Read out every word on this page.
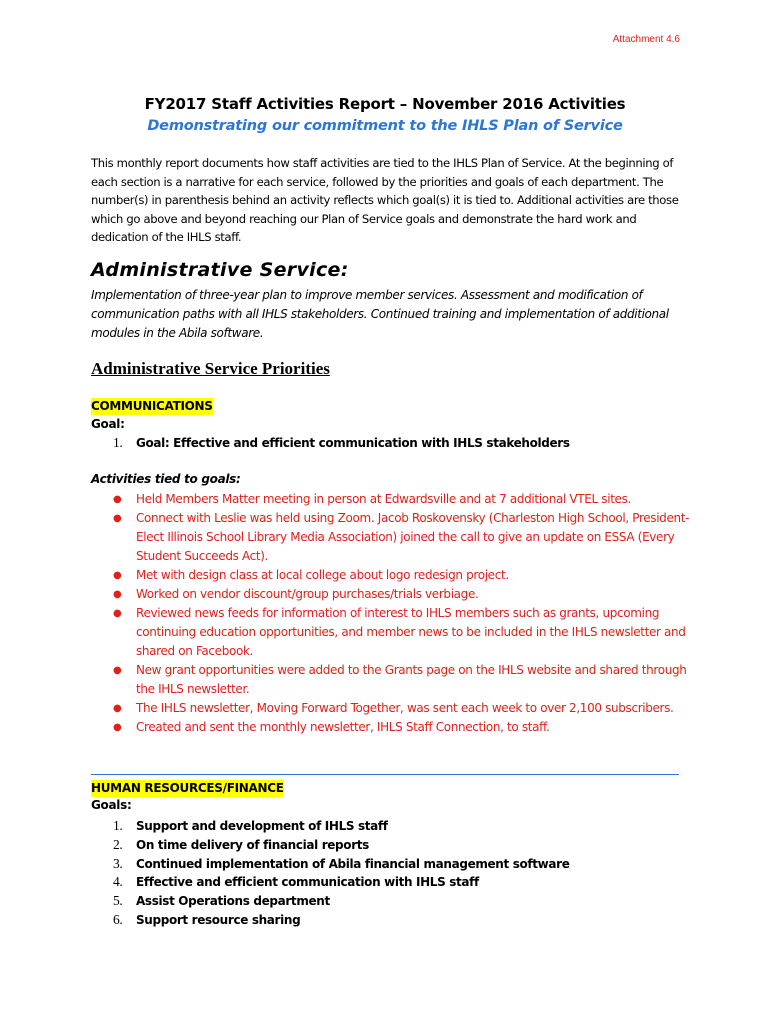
Attachment 4.6
FY2017 Staff Activities Report – November 2016 Activities
Demonstrating our commitment to the IHLS Plan of Service
This monthly report documents how staff activities are tied to the IHLS Plan of Service. At the beginning of each section is a narrative for each service, followed by the priorities and goals of each department. The number(s) in parenthesis behind an activity reflects which goal(s) it is tied to. Additional activities are those which go above and beyond reaching our Plan of Service goals and demonstrate the hard work and dedication of the IHLS staff.
Administrative Service:
Implementation of three-year plan to improve member services. Assessment and modification of communication paths with all IHLS stakeholders. Continued training and implementation of additional modules in the Abila software.
Administrative Service Priorities
COMMUNICATIONS
Goal:
1. Goal: Effective and efficient communication with IHLS stakeholders
Activities tied to goals:
● Held Members Matter meeting in person at Edwardsville and at 7 additional VTEL sites.
● Connect with Leslie was held using Zoom. Jacob Roskovensky (Charleston High School, President-Elect Illinois School Library Media Association) joined the call to give an update on ESSA (Every Student Succeeds Act).
● Met with design class at local college about logo redesign project.
● Worked on vendor discount/group purchases/trials verbiage.
● Reviewed news feeds for information of interest to IHLS members such as grants, upcoming continuing education opportunities, and member news to be included in the IHLS newsletter and shared on Facebook.
● New grant opportunities were added to the Grants page on the IHLS website and shared through the IHLS newsletter.
● The IHLS newsletter, Moving Forward Together, was sent each week to over 2,100 subscribers.
● Created and sent the monthly newsletter, IHLS Staff Connection, to staff.
HUMAN RESOURCES/FINANCE
Goals:
1. Support and development of IHLS staff
2. On time delivery of financial reports
3. Continued implementation of Abila financial management software
4. Effective and efficient communication with IHLS staff
5. Assist Operations department
6. Support resource sharing
